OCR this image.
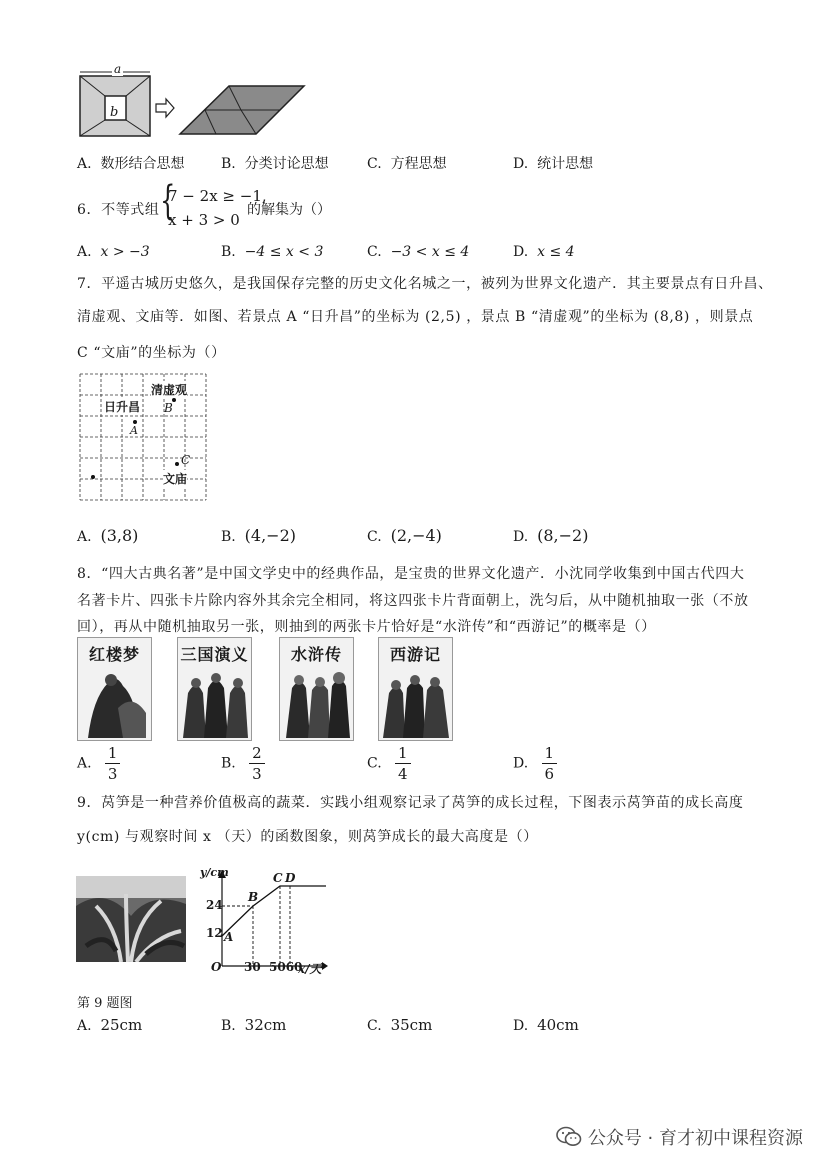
a
b
A. 数形结合思想	B. 分类讨论思想	C. 方程思想	D. 统计思想
6．不等式组 {
7 − 2x ≥ −1,
x + 3 > 0
的解集为（）
A. x > −3	B. −4 ≤ x < 3	C. −3 < x ≤ 4	D. x ≤ 4
7．平遥古城历史悠久，是我国保存完整的历史文化名城之一，被列为世界文化遗产．其主要景点有日升昌、
清虚观、文庙等．如图、若景点 A “日升昌”的坐标为 (2,5) ，景点 B “清虚观”的坐标为 (8,8) ，则景点
C “文庙”的坐标为（）
日升昌
A
清虚观
B
C
文庙
A. (3,8)	B. (4,−2)	C. (2,−4)	D. (8,−2)
8．“四大古典名著”是中国文学史中的经典作品，是宝贵的世界文化遗产．小沈同学收集到中国古代四大
名著卡片、四张卡片除内容外其余完全相同，将这四张卡片背面朝上，洗匀后，从中随机抽取一张（不放
回），再从中随机抽取另一张，则抽到的两张卡片恰好是“水浒传”和“西游记”的概率是（）
红楼梦	三国演义	水浒传	西游记
A. $\frac{1}{3}$	B. $\frac{2}{3}$	C. $\frac{1}{4}$	D. $\frac{1}{6}$
9．莴笋是一种营养价值极高的蔬菜．实践小组观察记录了莴笋的成长过程，下图表示莴笋苗的成长高度
y(cm) 与观察时间 x （天）的函数图象，则莴笋成长的最大高度是（）
y/cm
24
12 A
B
C D
O 30 5060
x/天
第 9 题图
A. 25cm	B. 32cm	C. 35cm	D. 40cm
公众号 · 育才初中课程资源
